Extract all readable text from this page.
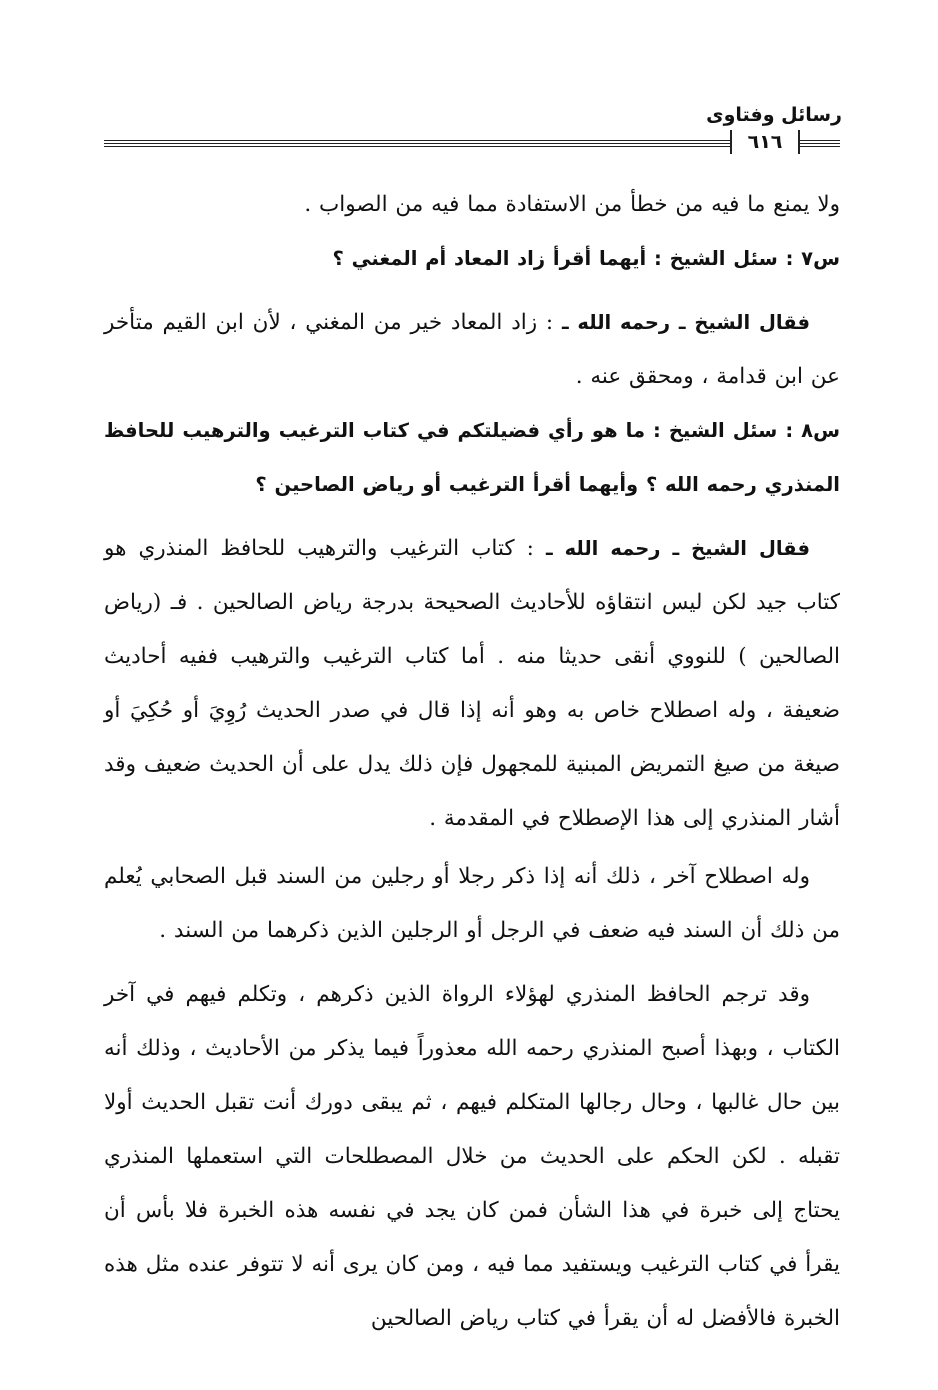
رسائل وفتاوى
٦١٦

ولا يمنع ما فيه من خطأ من الاستفادة مما فيه من الصواب .

س٧ : سئل الشيخ : أيهما أقرأ زاد المعاد أم المغني ؟

فقال الشيخ ـ رحمه الله ـ : زاد المعاد خير من المغني ، لأن ابن القيم متأخر عن ابن قدامة ، ومحقق عنه .

س٨ : سئل الشيخ : ما هو رأي فضيلتكم في كتاب الترغيب والترهيب للحافظ المنذري رحمه الله ؟ وأيهما أقرأ الترغيب أو رياض الصاحين ؟

فقال الشيخ ـ رحمه الله ـ : كتاب الترغيب والترهيب للحافظ المنذري هو كتاب جيد لكن ليس انتقاؤه للأحاديث الصحيحة بدرجة رياض الصالحين . فـ (رياض الصالحين ) للنووي أنقى حديثا منه . أما كتاب الترغيب والترهيب ففيه أحاديث ضعيفة ، وله اصطلاح خاص به وهو أنه إذا قال في صدر الحديث رُوِيَ أو حُكِيَ أو صيغة من صيغ التمريض المبنية للمجهول فإن ذلك يدل على أن الحديث ضعيف وقد أشار المنذري إلى هذا الإصطلاح في المقدمة .

وله اصطلاح آخر ، ذلك أنه إذا ذكر رجلا أو رجلين من السند قبل الصحابي يُعلم من ذلك أن السند فيه ضعف في الرجل أو الرجلين الذين ذكرهما من السند .

وقد ترجم الحافظ المنذري لهؤلاء الرواة الذين ذكرهم ، وتكلم فيهم في آخر الكتاب ، وبهذا أصبح المنذري رحمه الله معذوراً فيما يذكر من الأحاديث ، وذلك أنه بين حال غالبها ، وحال رجالها المتكلم فيهم ، ثم يبقى دورك أنت تقبل الحديث أولا تقبله . لكن الحكم على الحديث من خلال المصطلحات التي استعملها المنذري يحتاج إلى خبرة في هذا الشأن فمن كان يجد في نفسه هذه الخبرة فلا بأس أن يقرأ في كتاب الترغيب ويستفيد مما فيه ، ومن كان يرى أنه لا تتوفر عنده مثل هذه الخبرة فالأفضل له أن يقرأ في كتاب رياض الصالحين
